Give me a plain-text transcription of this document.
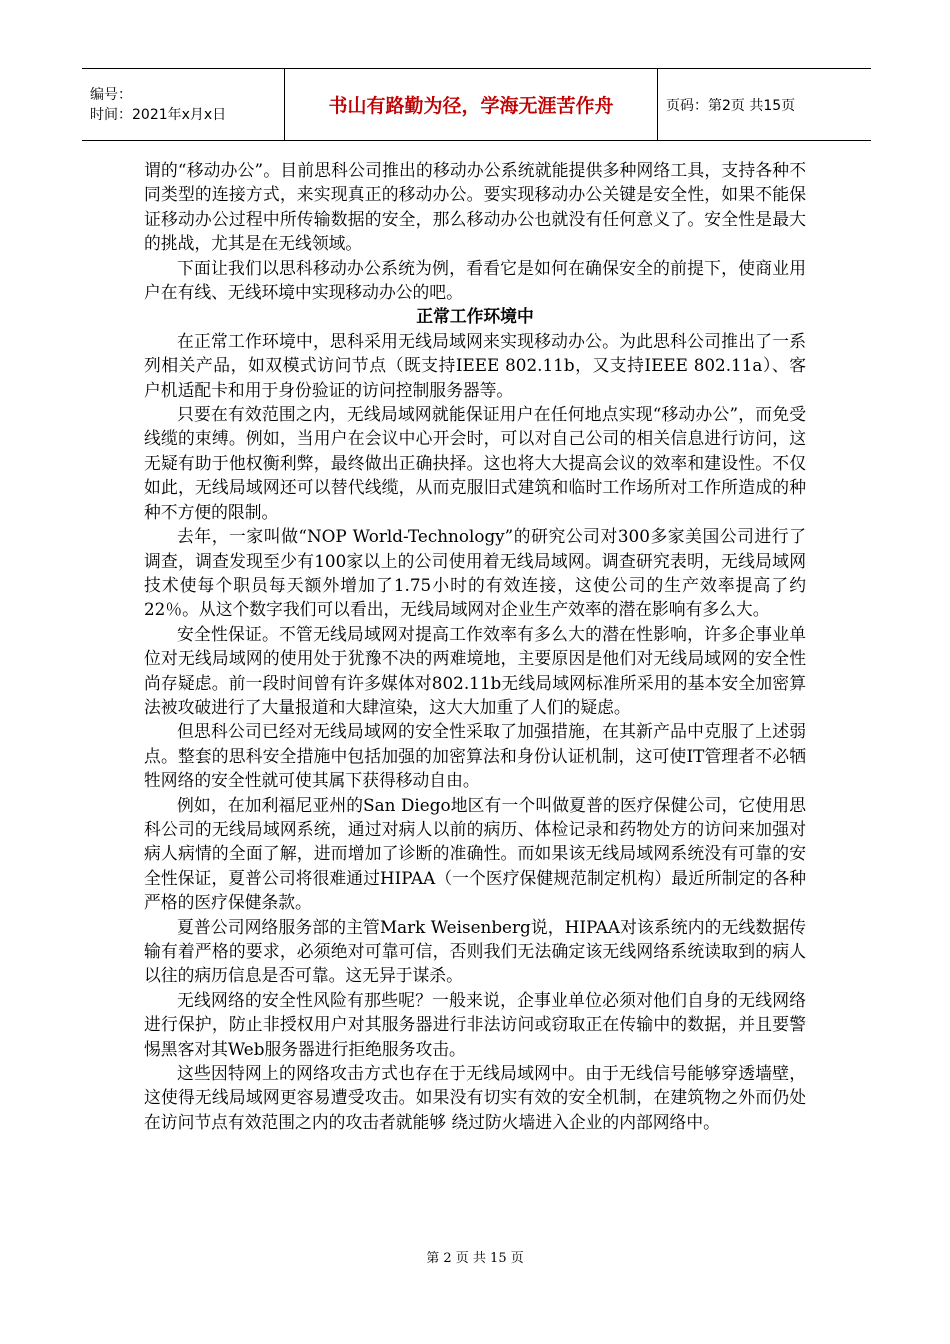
编号：
时间：2021年x月x日	书山有路勤为径，学海无涯苦作舟	页码：第2页 共15页

谓的“移动办公”。目前思科公司推出的移动办公系统就能提供多种网络工具，支持各种不同类型的连接方式，来实现真正的移动办公。要实现移动办公关键是安全性，如果不能保证移动办公过程中所传输数据的安全，那么移动办公也就没有任何意义了。安全性是最大的挑战，尤其是在无线领域。

下面让我们以思科移动办公系统为例，看看它是如何在确保安全的前提下，使商业用户在有线、无线环境中实现移动办公的吧。

正常工作环境中

在正常工作环境中，思科采用无线局域网来实现移动办公。为此思科公司推出了一系列相关产品，如双模式访问节点（既支持IEEE 802.11b，又支持IEEE 802.11a）、客户机适配卡和用于身份验证的访问控制服务器等。

只要在有效范围之内，无线局域网就能保证用户在任何地点实现“移动办公”，而免受线缆的束缚。例如，当用户在会议中心开会时，可以对自己公司的相关信息进行访问，这无疑有助于他权衡利弊，最终做出正确抉择。这也将大大提高会议的效率和建设性。不仅如此，无线局域网还可以替代线缆，从而克服旧式建筑和临时工作场所对工作所造成的种种不方便的限制。

去年，一家叫做“NOP World-Technology”的研究公司对300多家美国公司进行了调查，调查发现至少有100家以上的公司使用着无线局域网。调查研究表明，无线局域网技术使每个职员每天额外增加了1.75小时的有效连接，这使公司的生产效率提高了约22％。从这个数字我们可以看出，无线局域网对企业生产效率的潜在影响有多么大。

安全性保证。不管无线局域网对提高工作效率有多么大的潜在性影响，许多企事业单位对无线局域网的使用处于犹豫不决的两难境地，主要原因是他们对无线局域网的安全性尚存疑虑。前一段时间曾有许多媒体对802.11b无线局域网标准所采用的基本安全加密算法被攻破进行了大量报道和大肆渲染，这大大加重了人们的疑虑。

但思科公司已经对无线局域网的安全性采取了加强措施，在其新产品中克服了上述弱点。整套的思科安全措施中包括加强的加密算法和身份认证机制，这可使IT管理者不必牺牲网络的安全性就可使其属下获得移动自由。

例如，在加利福尼亚州的San Diego地区有一个叫做夏普的医疗保健公司，它使用思科公司的无线局域网系统，通过对病人以前的病历、体检记录和药物处方的访问来加强对病人病情的全面了解，进而增加了诊断的准确性。而如果该无线局域网系统没有可靠的安全性保证，夏普公司将很难通过HIPAA（一个医疗保健规范制定机构）最近所制定的各种严格的医疗保健条款。

夏普公司网络服务部的主管Mark Weisenberg说，HIPAA对该系统内的无线数据传输有着严格的要求，必须绝对可靠可信，否则我们无法确定该无线网络系统读取到的病人以往的病历信息是否可靠。这无异于谋杀。

无线网络的安全性风险有那些呢？一般来说，企事业单位必须对他们自身的无线网络进行保护，防止非授权用户对其服务器进行非法访问或窃取正在传输中的数据，并且要警惕黑客对其Web服务器进行拒绝服务攻击。

这些因特网上的网络攻击方式也存在于无线局域网中。由于无线信号能够穿透墙壁，这使得无线局域网更容易遭受攻击。如果没有切实有效的安全机制，在建筑物之外而仍处在访问节点有效范围之内的攻击者就能够 绕过防火墙进入企业的内部网络中。

第 2 页 共 15 页
